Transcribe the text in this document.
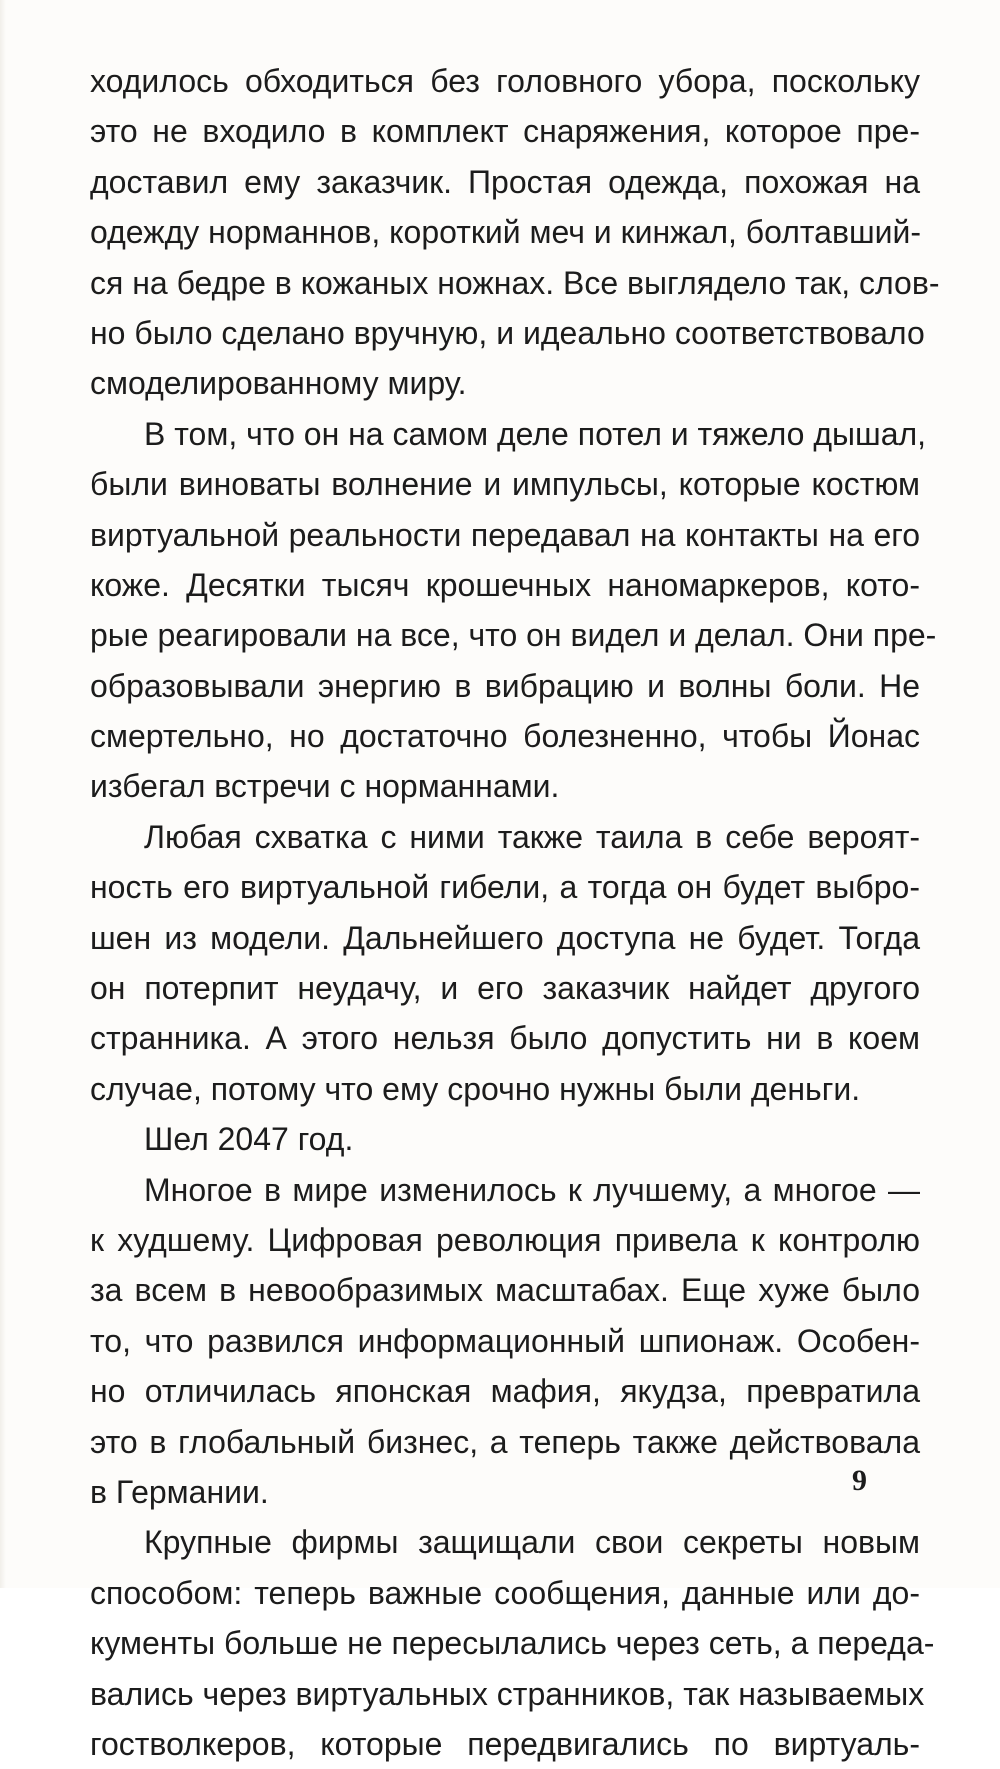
ходилось обходиться без головного убора, поскольку
это не входило в комплект снаряжения, которое пре-
доставил ему заказчик. Простая одежда, похожая на
одежду норманнов, короткий меч и кинжал, болтавший-
ся на бедре в кожаных ножнах. Все выглядело так, слов-
но было сделано вручную, и идеально соответствовало
смоделированному миру.
В том, что он на самом деле потел и тяжело дышал,
были виноваты волнение и импульсы, которые костюм
виртуальной реальности передавал на контакты на его
коже. Десятки тысяч крошечных наномаркеров, кото-
рые реагировали на все, что он видел и делал. Они пре-
образовывали энергию в вибрацию и волны боли. Не
смертельно, но достаточно болезненно, чтобы Йонас
избегал встречи с норманнами.
Любая схватка с ними также таила в себе вероят-
ность его виртуальной гибели, а тогда он будет выбро-
шен из модели. Дальнейшего доступа не будет. Тогда
он потерпит неудачу, и его заказчик найдет другого
странника. А этого нельзя было допустить ни в коем
случае, потому что ему срочно нужны были деньги.
Шел 2047 год.
Многое в мире изменилось к лучшему, а многое —
к худшему. Цифровая революция привела к контролю
за всем в невообразимых масштабах. Еще хуже было
то, что развился информационный шпионаж. Особен-
но отличилась японская мафия, якудза, превратила
это в глобальный бизнес, а теперь также действовала
в Германии.
Крупные фирмы защищали свои секреты новым
способом: теперь важные сообщения, данные или до-
кументы больше не пересылались через сеть, а переда-
вались через виртуальных странников, так называемых
гостволкеров, которые передвигались по виртуаль-
9
